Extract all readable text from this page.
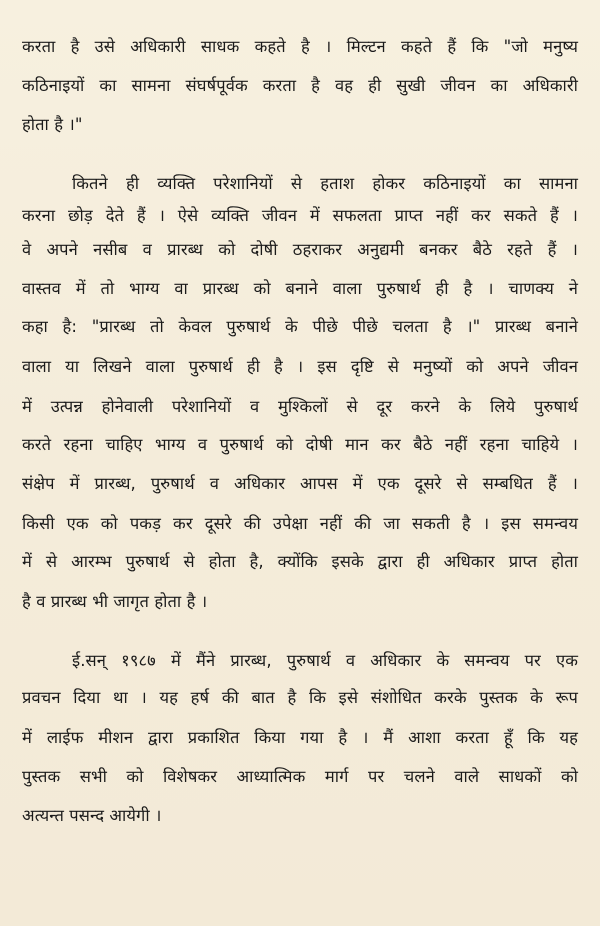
करता है उसे अधिकारी साधक कहते है । मिल्टन कहते हैं कि "जो मनुष्य
कठिनाइयों का सामना संघर्षपूर्वक करता है वह ही सुखी जीवन का अधिकारी
होता है ।"
कितने ही व्यक्ति परेशानियों से हताश होकर कठिनाइयों का सामना
करना छोड़ देते हैं । ऐसे व्यक्ति जीवन में सफलता प्राप्त नहीं कर सकते हैं ।
वे अपने नसीब व प्रारब्ध को दोषी ठहराकर अनुद्यमी बनकर बैठे रहते हैं ।
वास्तव में तो भाग्य वा प्रारब्ध को बनाने वाला पुरुषार्थ ही है । चाणक्य ने
कहा है: "प्रारब्ध तो केवल पुरुषार्थ के पीछे पीछे चलता है ।" प्रारब्ध बनाने
वाला या लिखने वाला पुरुषार्थ ही है । इस दृष्टि से मनुष्यों को अपने जीवन
में उत्पन्न होनेवाली परेशानियों व मुश्किलों से दूर करने के लिये पुरुषार्थ
करते रहना चाहिए भाग्य व पुरुषार्थ को दोषी मान कर बैठे नहीं रहना चाहिये ।
संक्षेप में प्रारब्ध, पुरुषार्थ व अधिकार आपस में एक दूसरे से सम्बधित हैं ।
किसी एक को पकड़ कर दूसरे की उपेक्षा नहीं की जा सकती है । इस समन्वय
में से आरम्भ पुरुषार्थ से होता है, क्योंकि इसके द्वारा ही अधिकार प्राप्त होता
है व प्रारब्ध भी जागृत होता है ।
ई.सन् १९८७ में मैंने प्रारब्ध, पुरुषार्थ व अधिकार के समन्वय पर एक
प्रवचन दिया था । यह हर्ष की बात है कि इसे संशोधित करके पुस्तक के रूप
में लाईफ मीशन द्वारा प्रकाशित किया गया है । मैं आशा करता हूँ कि यह
पुस्तक सभी को विशेषकर आध्यात्मिक मार्ग पर चलने वाले साधकों को
अत्यन्त पसन्द आयेगी ।
